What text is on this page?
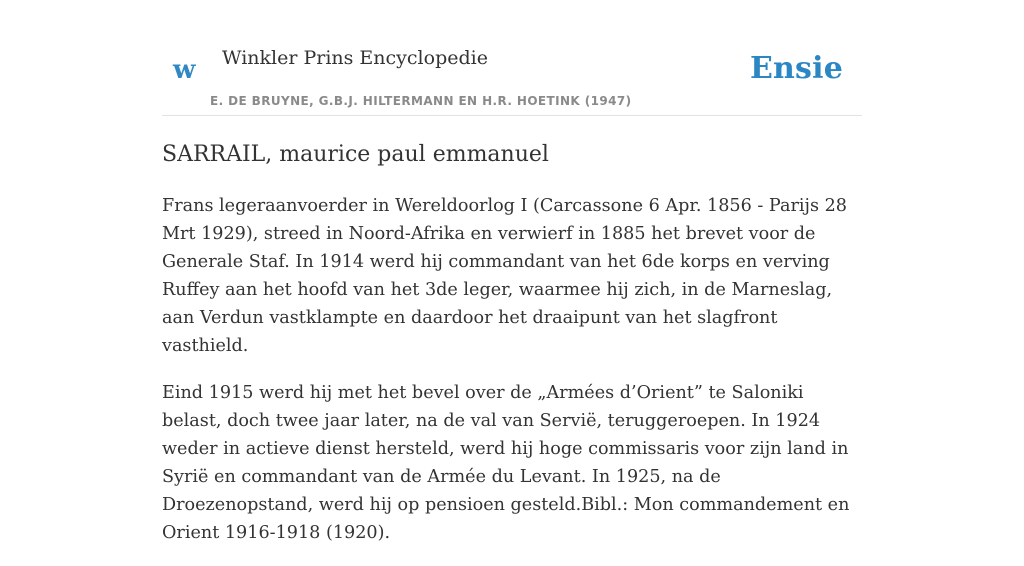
w Winkler Prins Encyclopedie	Ensie
E. DE BRUYNE, G.B.J. HILTERMANN EN H.R. HOETINK (1947)
SARRAIL, maurice paul emmanuel

Frans legeraanvoerder in Wereldoorlog I (Carcassone 6 Apr. 1856 - Parijs 28 Mrt 1929), streed in Noord-Afrika en verwierf in 1885 het brevet voor de Generale Staf. In 1914 werd hij commandant van het 6de korps en verving Ruffey aan het hoofd van het 3de leger, waarmee hij zich, in de Marneslag, aan Verdun vastklampte en daardoor het draaipunt van het slagfront vasthield.

Eind 1915 werd hij met het bevel over de „Armées d’Orient” te Saloniki belast, doch twee jaar later, na de val van Servië, teruggeroepen. In 1924 weder in actieve dienst hersteld, werd hij hoge commissaris voor zijn land in Syrië en commandant van de Armée du Levant. In 1925, na de Droezenopstand, werd hij op pensioen gesteld.Bibl.: Mon commandement en Orient 1916-1918 (1920).
